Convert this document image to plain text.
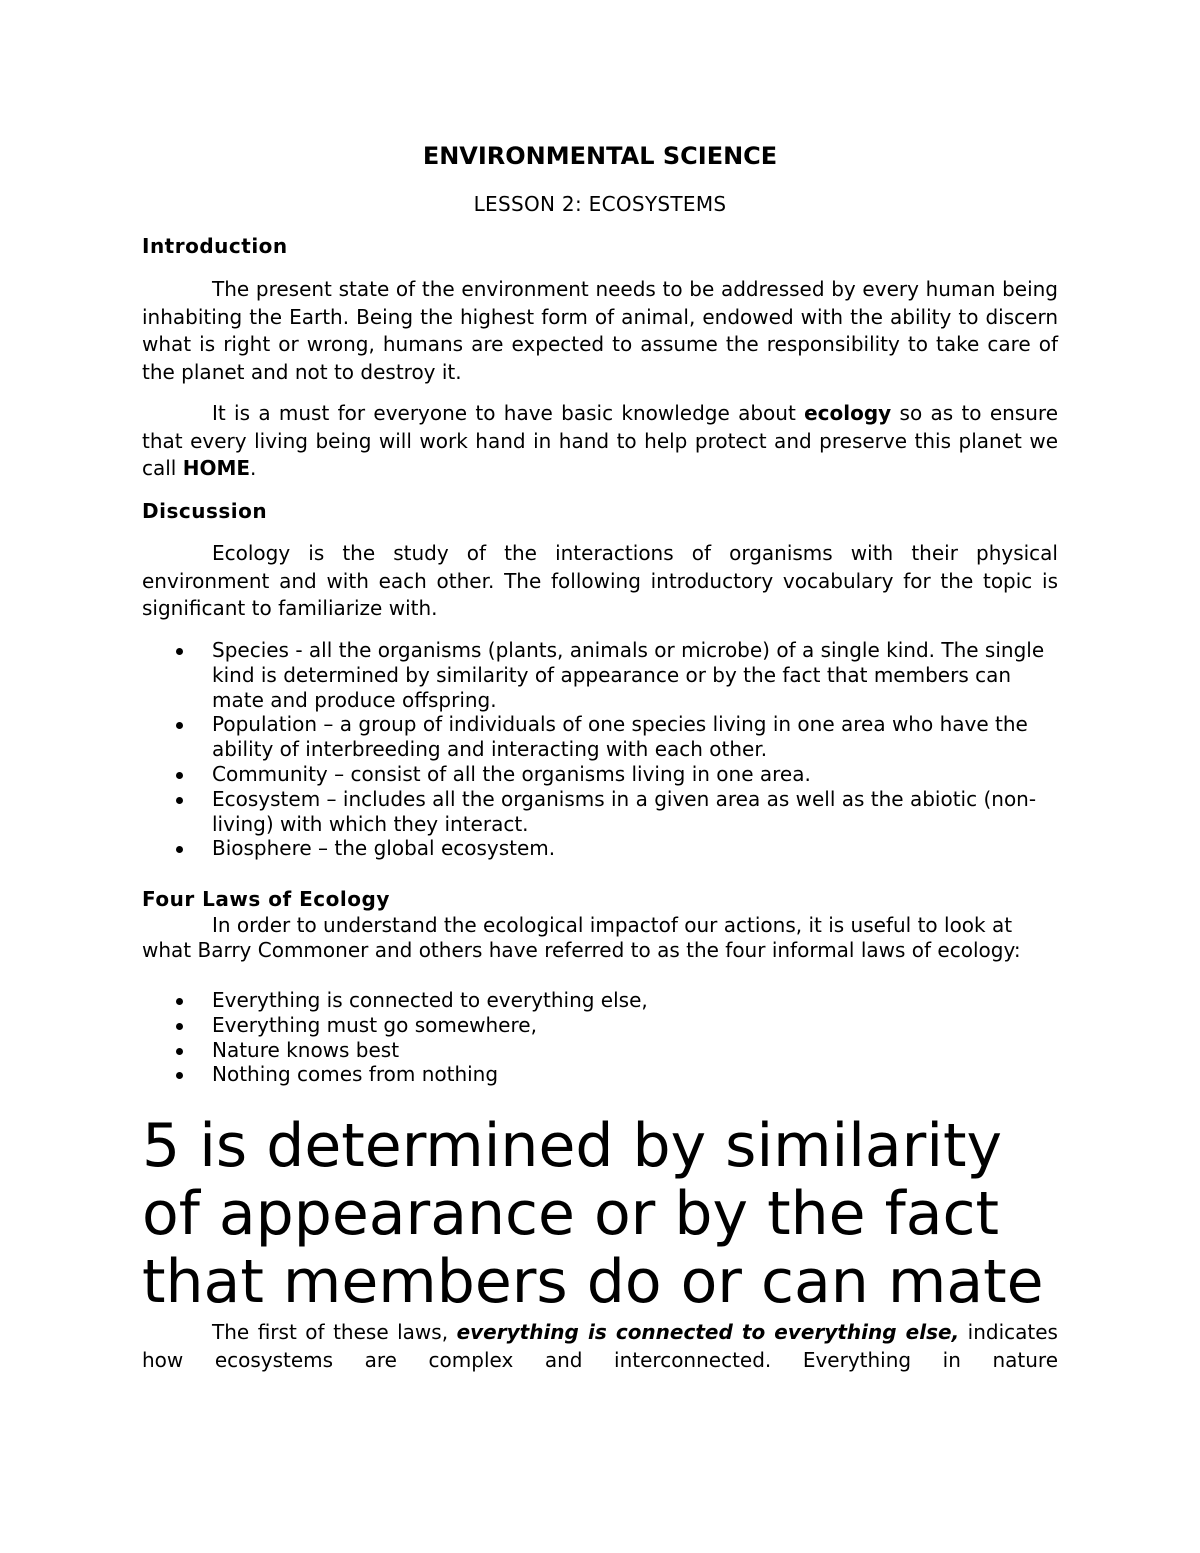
ENVIRONMENTAL SCIENCE
LESSON 2: ECOSYSTEMS
Introduction

The present state of the environment needs to be addressed by every human being inhabiting the Earth. Being the highest form of animal, endowed with the ability to discern what is right or wrong, humans are expected to assume the responsibility to take care of the planet and not to destroy it.

It is a must for everyone to have basic knowledge about ecology so as to ensure that every living being will work hand in hand to help protect and preserve this planet we call HOME.

Discussion

Ecology is the study of the interactions of organisms with their physical environment and with each other. The following introductory vocabulary for the topic is significant to familiarize with.

Species - all the organisms (plants, animals or microbe) of a single kind. The single kind is determined by similarity of appearance or by the fact that members can mate and produce offspring.
Population – a group of individuals of one species living in one area who have the ability of interbreeding and interacting with each other.
Community – consist of all the organisms living in one area.
Ecosystem – includes all the organisms in a given area as well as the abiotic (non-living) with which they interact.
Biosphere – the global ecosystem.
Four Laws of Ecology

In order to understand the ecological impactof our actions, it is useful to look at what Barry Commoner and others have referred to as the four informal laws of ecology:

Everything is connected to everything else,
Everything must go somewhere,
Nature knows best
Nothing comes from nothing
5 is determined by similarity
of appearance or by the fact
that members do or can mate

The first of these laws, everything is connected to everything else, indicates how ecosystems are complex and interconnected. Everything in nature
